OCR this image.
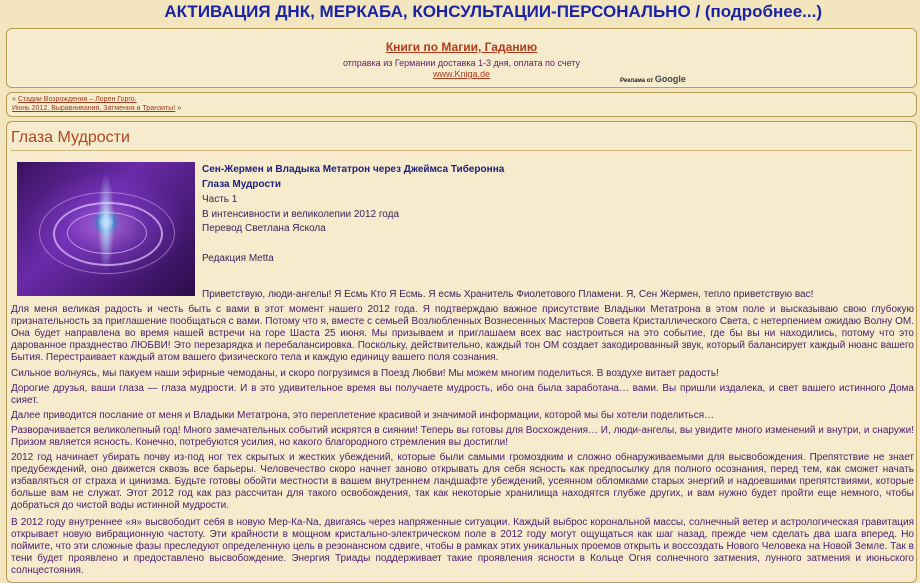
АКТИВАЦИЯ ДНК, МЕРКАБА, КОНСУЛЬТАЦИИ-ПЕРСОНАЛЬНО / (подробнее...)
Книги по Магии, Гаданию
отправка из Германии доставка 1-3 дня, оплата по счету
www.Kniga.de
Реклама от Google
« Стадии Возрождения – Лорен Горго.
Июнь 2012. Выравнивания, Затмения и Транзиты! »
Глаза Мудрости
Сен-Жермен и Владыка Метатрон через Джеймса Тиберонна
Глаза Мудрости
Часть 1
В интенсивности и великолепии 2012 года
Перевод Светлана Яскола
Редакция Metta
Приветствую, люди-ангелы! Я Есмь Кто Я Есмь. Я есмь Хранитель Фиолетового Пламени. Я, Сен Жермен, тепло приветствую вас!
Для меня великая радость и честь быть с вами в этот момент нашего 2012 года. Я подтверждаю важное присутствие Владыки Метатрона в этом поле и высказываю свою глубокую признательность за приглашение пообщаться с вами. Потому что я, вместе с семьей Возлюбленных Вознесенных Мастеров Совета Кристаллического Света, с нетерпением ожидаю Волну ОМ. Она будет направлена во время нашей встречи на горе Шаста 25 июня. Мы призываем и приглашаем всех вас настроиться на это событие, где бы вы ни находились, потому что это дарованное празднество ЛЮБВИ! Это перезарядка и перебалансировка. Поскольку, действительно, каждый тон ОМ создает закодированный звук, который балансирует каждый нюанс вашего Бытия. Перестраивает каждый атом вашего физического тела и каждую единицу вашего поля сознания.
Сильное волнуясь, мы пакуем наши эфирные чемоданы, и скоро погрузимся в Поезд Любви! Мы можем многим поделиться. В воздухе витает радость!
Дорогие друзья, ваши глаза — глаза мудрости. И в это удивительное время вы получаете мудрость, ибо она была заработана… вами. Вы пришли издалека, и свет вашего истинного Дома сияет.
Далее приводится послание от меня и Владыки Метатрона, это переплетение красивой и значимой информации, которой мы бы хотели поделиться…
Разворачивается великолепный год! Много замечательных событий искрятся в сиянии! Теперь вы готовы для Восхождения… И, люди-ангелы, вы увидите много изменений и внутри, и снаружи! Призом является ясность. Конечно, потребуются усилия, но какого благородного стремления вы достигли!
2012 год начинает убирать почву из-под ног тех скрытых и жестких убеждений, которые были самыми громоздким и сложно обнаруживаемыми для высвобождения. Препятствие не знает предубеждений, оно движется сквозь все барьеры. Человечество скоро начнет заново открывать для себя ясность как предпосылку для полного осознания, перед тем, как сможет начать избавляться от страха и цинизма. Будьте готовы обойти местности в вашем внутреннем ландшафте убеждений, усеянном обломками старых энергий и надоевшими препятствиями, которые больше вам не служат. Этот 2012 год как раз рассчитан для такого освобождения, так как некоторые хранилища находятся глубже других, и вам нужно будет пройти еще немного, чтобы добраться до чистой воды истинной мудрости.
В 2012 году внутреннее «я» высвободит себя в новую Мер-Ка-Na, двигаясь через напряженные ситуации. Каждый выброс корональной массы, солнечный ветер и астрологическая гравитация открывает новую вибрационную частоту. Эти крайности в мощном кристально-электрическом поле в 2012 году могут ощущаться как шаг назад, прежде чем сделать два шага вперед. Но поймите, что эти сложные фазы преследуют определенную цель в резонансном сдвиге, чтобы в рамках этих уникальных проемов открыть и воссоздать Нового Человека на Новой Земле. Так в тени будет проявлено и предоставлено высвобождение. Энергия Триады поддерживает такие проявления ясности в Кольце Огня солнечного затмения, лунного затмения и июньского солнцестояния.
